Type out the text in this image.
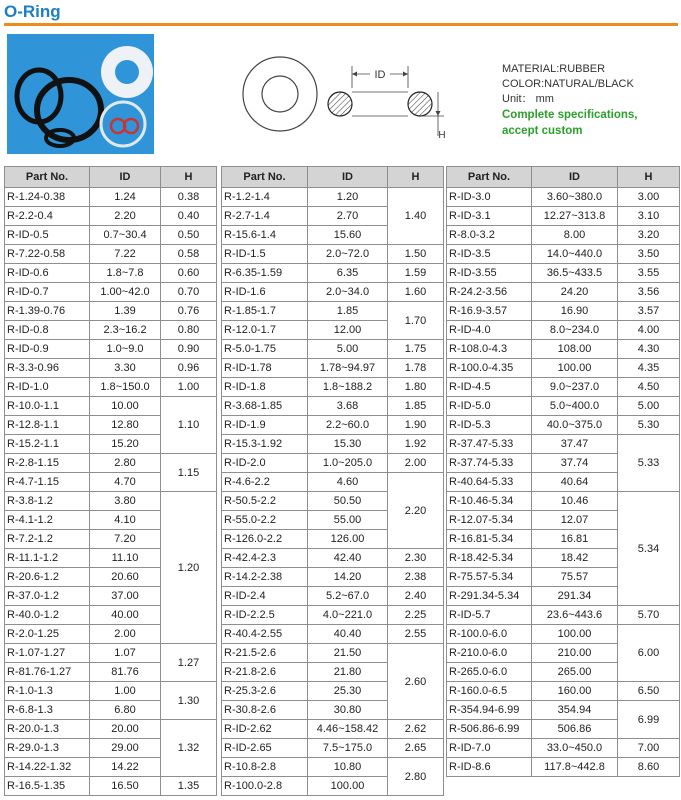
O-Ring
ID
H
MATERIAL:RUBBER
COLOR:NATURAL/BLACK
Unit： mm
Complete specifications, accept custom
Part No.	ID	H	
R-1.24-0.38	1.24	0.38	
R-2.2-0.4	2.20	0.40	
R-ID-0.5	0.7~30.4	0.50	
R-7.22-0.58	7.22	0.58	
R-ID-0.6	1.8~7.8	0.60	
R-ID-0.7	1.00~42.0	0.70	
R-1.39-0.76	1.39	0.76	
R-ID-0.8	2.3~16.2	0.80	
R-ID-0.9	1.0~9.0	0.90	
R-3.3-0.96	3.30	0.96	
R-ID-1.0	1.8~150.0	1.00	
R-10.0-1.1	10.00	1.10	
R-12.8-1.1	12.80		
R-15.2-1.1	15.20		
R-2.8-1.15	2.80	1.15	
R-4.7-1.15	4.70		
R-3.8-1.2	3.80	1.20	
R-4.1-1.2	4.10		
R-7.2-1.2	7.20		
R-11.1-1.2	11.10		
R-20.6-1.2	20.60		
R-37.0-1.2	37.00		
R-40.0-1.2	40.00		
R-2.0-1.25	2.00	
R-1.07-1.27	1.07	1.27	
R-81.76-1.27	81.76		
R-1.0-1.3	1.00	1.30	
R-6.8-1.3	6.80		
R-20.0-1.3	20.00	1.32	
R-29.0-1.3	29.00		
R-14.22-1.32	14.22		
R-16.5-1.35	16.50	1.35	
Part No.	ID	H
R-1.2-1.4	1.20	1.40
R-2.7-1.4	2.70	
R-15.6-1.4	15.60	
R-ID-1.5	2.0~72.0	1.50
R-6.35-1.59	6.35	1.59
R-ID-1.6	2.0~34.0	1.60
R-1.85-1.7	1.85	1.70
R-12.0-1.7	12.00	
R-5.0-1.75	5.00	1.75
R-ID-1.78	1.78~94.97	1.78
R-ID-1.8	1.8~188.2	1.80
R-3.68-1.85	3.68	1.85
R-ID-1.9	2.2~60.0	1.90
R-15.3-1.92	15.30	1.92
R-ID-2.0	1.0~205.0	2.00
R-4.6-2.2	4.60	2.20
R-50.5-2.2	50.50	
R-55.0-2.2	55.00	
R-126.0-2.2	126.00	
R-42.4-2.3	42.40	2.30
R-14.2-2.38	14.20	2.38
R-ID-2.4	5.2~67.0	2.40
R-ID-2.2.5	4.0~221.0	2.25
R-40.4-2.55	40.40	2.55
R-21.5-2.6	21.50	2.60
R-21.8-2.6	21.80	
R-25.3-2.6	25.30	
R-30.8-2.6	30.80	
R-ID-2.62	4.46~158.42	2.62
R-ID-2.65	7.5~175.0	2.65
R-10.8-2.8	10.80	2.80
R-100.0-2.8	100.00	
Part No.	ID	H
R-ID-3.0	3.60~380.0	3.00
R-ID-3.1	12.27~313.8	3.10
R-8.0-3.2	8.00	3.20
R-ID-3.5	14.0~440.0	3.50
R-ID-3.55	36.5~433.5	3.55
R-24.2-3.56	24.20	3.56
R-16.9-3.57	16.90	3.57
R-ID-4.0	8.0~234.0	4.00
R-108.0-4.3	108.00	4.30
R-100.0-4.35	100.00	4.35
R-ID-4.5	9.0~237.0	4.50
R-ID-5.0	5.0~400.0	5.00
R-ID-5.3	40.0~375.0	5.30
R-37.47-5.33	37.47	5.33
R-37.74-5.33	37.74	
R-40.64-5.33	40.64	
R-10.46-5.34	10.46	5.34
R-12.07-5.34	12.07	
R-16.81-5.34	16.81	
R-18.42-5.34	18.42	
R-75.57-5.34	75.57	
R-291.34-5.34	291.34	
R-ID-5.7	23.6~443.6	5.70
R-100.0-6.0	100.00	6.00
R-210.0-6.0	210.00	
R-265.0-6.0	265.00	
R-160.0-6.5	160.00	6.50
R-354.94-6.99	354.94	6.99
R-506.86-6.99	506.86	
R-ID-7.0	33.0~450.0	7.00
R-ID-8.6	117.8~442.8	8.60
